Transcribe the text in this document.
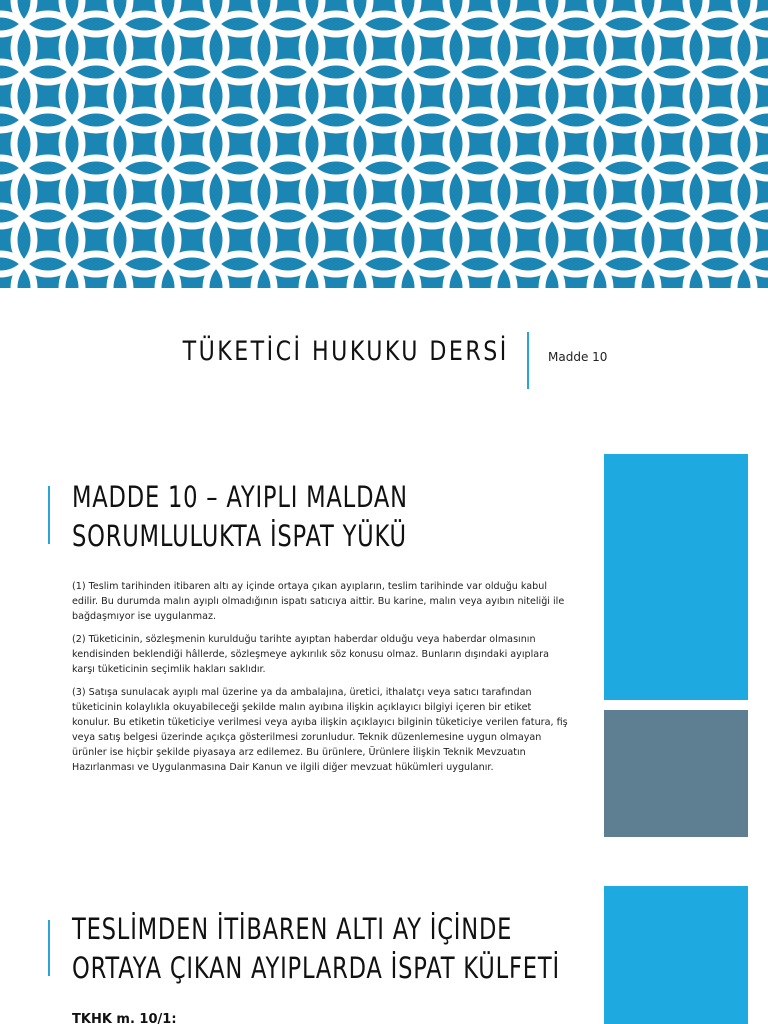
TÜKETİCİ HUKUKU DERSİ	Madde 10
MADDE 10 – AYIPLI MALDAN
SORUMLULUKTA İSPAT YÜKÜ

(1) Teslim tarihinden itibaren altı ay içinde ortaya çıkan ayıpların, teslim tarihinde var olduğu kabul edilir. Bu durumda malın ayıplı olmadığının ispatı satıcıya aittir. Bu karine, malın veya ayıbın niteliği ile bağdaşmıyor ise uygulanmaz.

(2) Tüketicinin, sözleşmenin kurulduğu tarihte ayıptan haberdar olduğu veya haberdar olmasının kendisinden beklendiği hâllerde, sözleşmeye aykırılık söz konusu olmaz. Bunların dışındaki ayıplara karşı tüketicinin seçimlik hakları saklıdır.

(3) Satışa sunulacak ayıplı mal üzerine ya da ambalajına, üretici, ithalatçı veya satıcı tarafından tüketicinin kolaylıkla okuyabileceği şekilde malın ayıbına ilişkin açıklayıcı bilgiyi içeren bir etiket konulur. Bu etiketin tüketiciye verilmesi veya ayıba ilişkin açıklayıcı bilginin tüketiciye verilen fatura, fiş veya satış belgesi üzerinde açıkça gösterilmesi zorunludur. Teknik düzenlemesine uygun olmayan ürünler ise hiçbir şekilde piyasaya arz edilemez. Bu ürünlere, Ürünlere İlişkin Teknik Mevzuatın Hazırlanması ve Uygulanmasına Dair Kanun ve ilgili diğer mevzuat hükümleri uygulanır.

TESLİMDEN İTİBAREN ALTI AY İÇİNDE
ORTAYA ÇIKAN AYIPLARDA İSPAT KÜLFETİ
TKHK m. 10/1:
